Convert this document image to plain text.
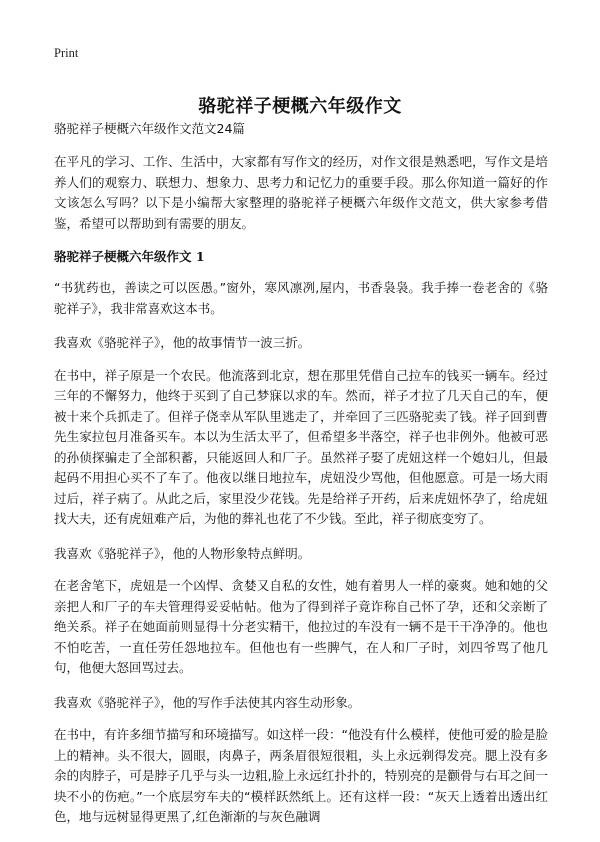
Print
骆驼祥子梗概六年级作文
骆驼祥子梗概六年级作文范文24篇

在平凡的学习、工作、生活中，大家都有写作文的经历，对作文很是熟悉吧，写作文是培养人们的观察力、联想力、想象力、思考力和记忆力的重要手段。那么你知道一篇好的作文该怎么写吗？以下是小编帮大家整理的骆驼祥子梗概六年级作文范文，供大家参考借鉴，希望可以帮助到有需要的朋友。

骆驼祥子梗概六年级作文 1

“书犹药也，善读之可以医愚。”窗外，寒风凛冽,屋内，书香袅袅。我手捧一卷老舍的《骆驼祥子》，我非常喜欢这本书。

我喜欢《骆驼祥子》，他的故事情节一波三折。

在书中，祥子原是一个农民。他流落到北京，想在那里凭借自己拉车的钱买一辆车。经过三年的不懈努力，他终于买到了自己梦寐以求的车。然而，祥子才拉了几天自己的车，便被十来个兵抓走了。但祥子侥幸从军队里逃走了，并牵回了三匹骆驼卖了钱。祥子回到曹先生家拉包月准备买车。本以为生活太平了，但希望多半落空，祥子也非例外。他被可恶的孙侦探骗走了全部积蓄，只能返回人和厂子。虽然祥子娶了虎妞这样一个媳妇儿，但最起码不用担心买不了车了。他夜以继日地拉车，虎妞没少骂他，但他愿意。可是一场大雨过后，祥子病了。从此之后，家里没少花钱。先是给祥子开药，后来虎妞怀孕了，给虎妞找大夫，还有虎妞难产后，为他的葬礼也花了不少钱。至此，祥子彻底变穷了。

我喜欢《骆驼祥子》，他的人物形象特点鲜明。

在老舍笔下，虎妞是一个凶悍、贪婪又自私的女性，她有着男人一样的豪爽。她和她的父亲把人和厂子的车夫管理得妥妥帖帖。他为了得到祥子竟诈称自己怀了孕，还和父亲断了绝关系。祥子在她面前则显得十分老实精干，他拉过的车没有一辆不是干干净净的。他也不怕吃苦，一直任劳任怨地拉车。但他也有一些脾气，在人和厂子时，刘四爷骂了他几句，他便大怒回骂过去。

我喜欢《骆驼祥子》，他的写作手法使其内容生动形象。

在书中，有许多细节描写和环境描写。如这样一段：“他没有什么模样，使他可爱的脸是脸上的精神。头不很大，圆眼，肉鼻子，两条眉很短很粗，头上永远剃得发亮。腮上没有多余的肉脖子，可是脖子几乎与头一边粗,脸上永远红扑扑的，特别亮的是颧骨与右耳之间一块不小的伤疤。”一个底层穷车夫的“模样跃然纸上。还有这样一段：“灰天上透着出透出红色，地与远树显得更黑了,红色渐渐的与灰色融调
